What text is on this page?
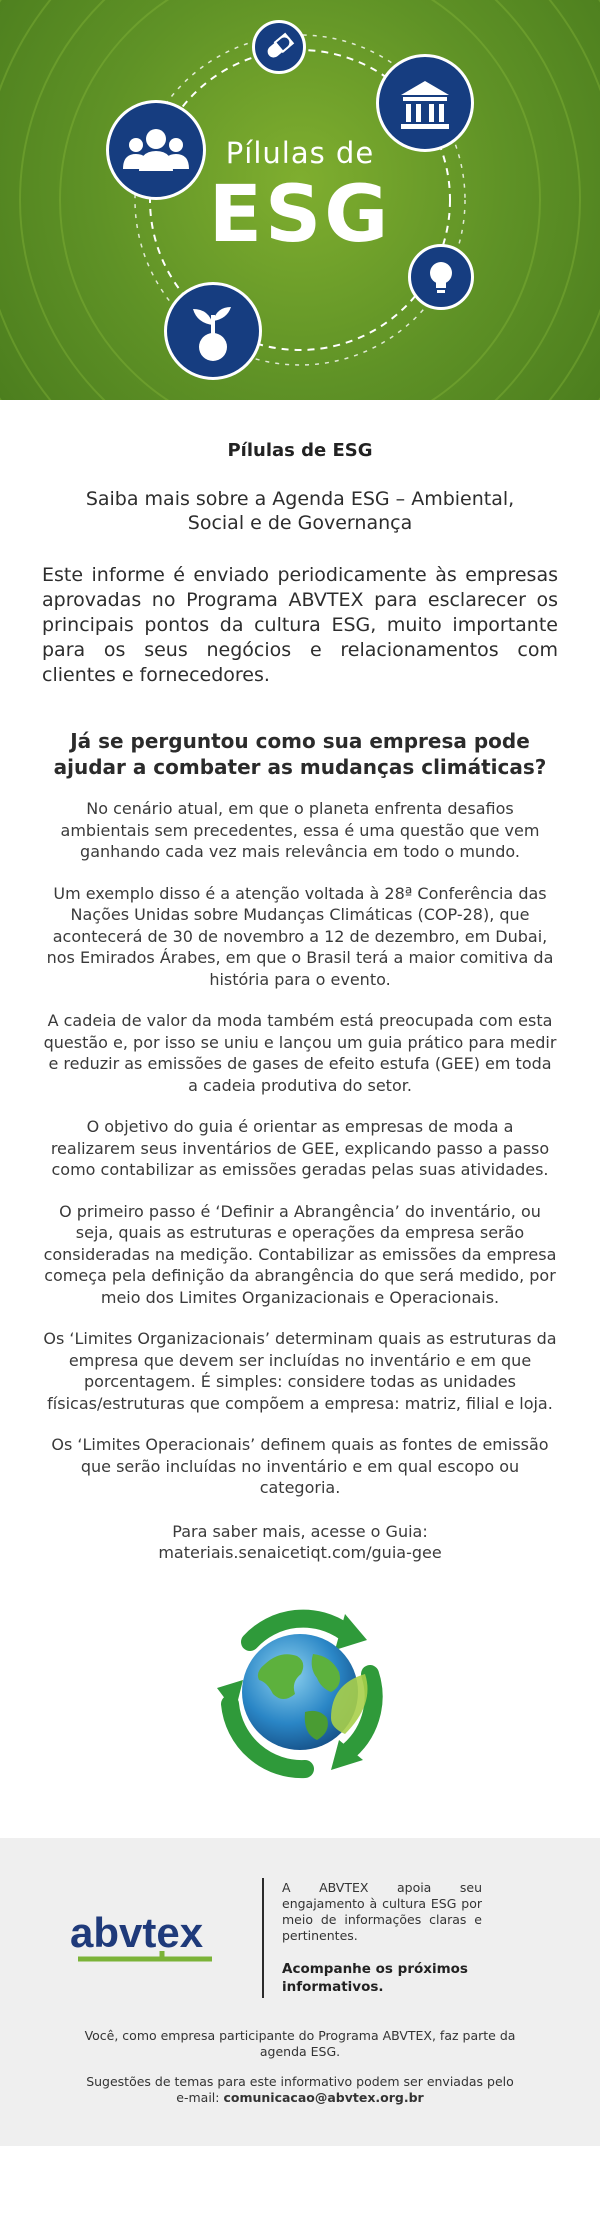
Pílulas de
ESG
Pílulas de ESG
Saiba mais sobre a Agenda ESG – Ambiental, Social e de Governança
Este informe é enviado periodicamente às empresas aprovadas no Programa ABVTEX para esclarecer os principais pontos da cultura ESG, muito importante para os seus negócios e relacionamentos com clientes e fornecedores.
Já se perguntou como sua empresa pode ajudar a combater as mudanças climáticas?
No cenário atual, em que o planeta enfrenta desafios ambientais sem precedentes, essa é uma questão que vem ganhando cada vez mais relevância em todo o mundo.
Um exemplo disso é a atenção voltada à 28ª Conferência das Nações Unidas sobre Mudanças Climáticas (COP-28), que acontecerá de 30 de novembro a 12 de dezembro, em Dubai, nos Emirados Árabes, em que o Brasil terá a maior comitiva da história para o evento.
A cadeia de valor da moda também está preocupada com esta questão e, por isso se uniu e lançou um guia prático para medir e reduzir as emissões de gases de efeito estufa (GEE) em toda a cadeia produtiva do setor.
O objetivo do guia é orientar as empresas de moda a realizarem seus inventários de GEE, explicando passo a passo como contabilizar as emissões geradas pelas suas atividades.
O primeiro passo é ‘Definir a Abrangência’ do inventário, ou seja, quais as estruturas e operações da empresa serão consideradas na medição. Contabilizar as emissões da empresa começa pela definição da abrangência do que será medido, por meio dos Limites Organizacionais e Operacionais.
Os ‘Limites Organizacionais’ determinam quais as estruturas da empresa que devem ser incluídas no inventário e em que porcentagem. É simples: considere todas as unidades físicas/estruturas que compõem a empresa: matriz, filial e loja.
Os ‘Limites Operacionais’ definem quais as fontes de emissão que serão incluídas no inventário e em qual escopo ou categoria.
Para saber mais, acesse o Guia:
materiais.senaicetiqt.com/guia-gee
abvtex
A ABVTEX apoia seu engajamento à cultura ESG por meio de informações claras e pertinentes.
Acompanhe os próximos informativos.
Você, como empresa participante do Programa ABVTEX, faz parte da agenda ESG.
Sugestões de temas para este informativo podem ser enviadas pelo e-mail: comunicacao@abvtex.org.br
